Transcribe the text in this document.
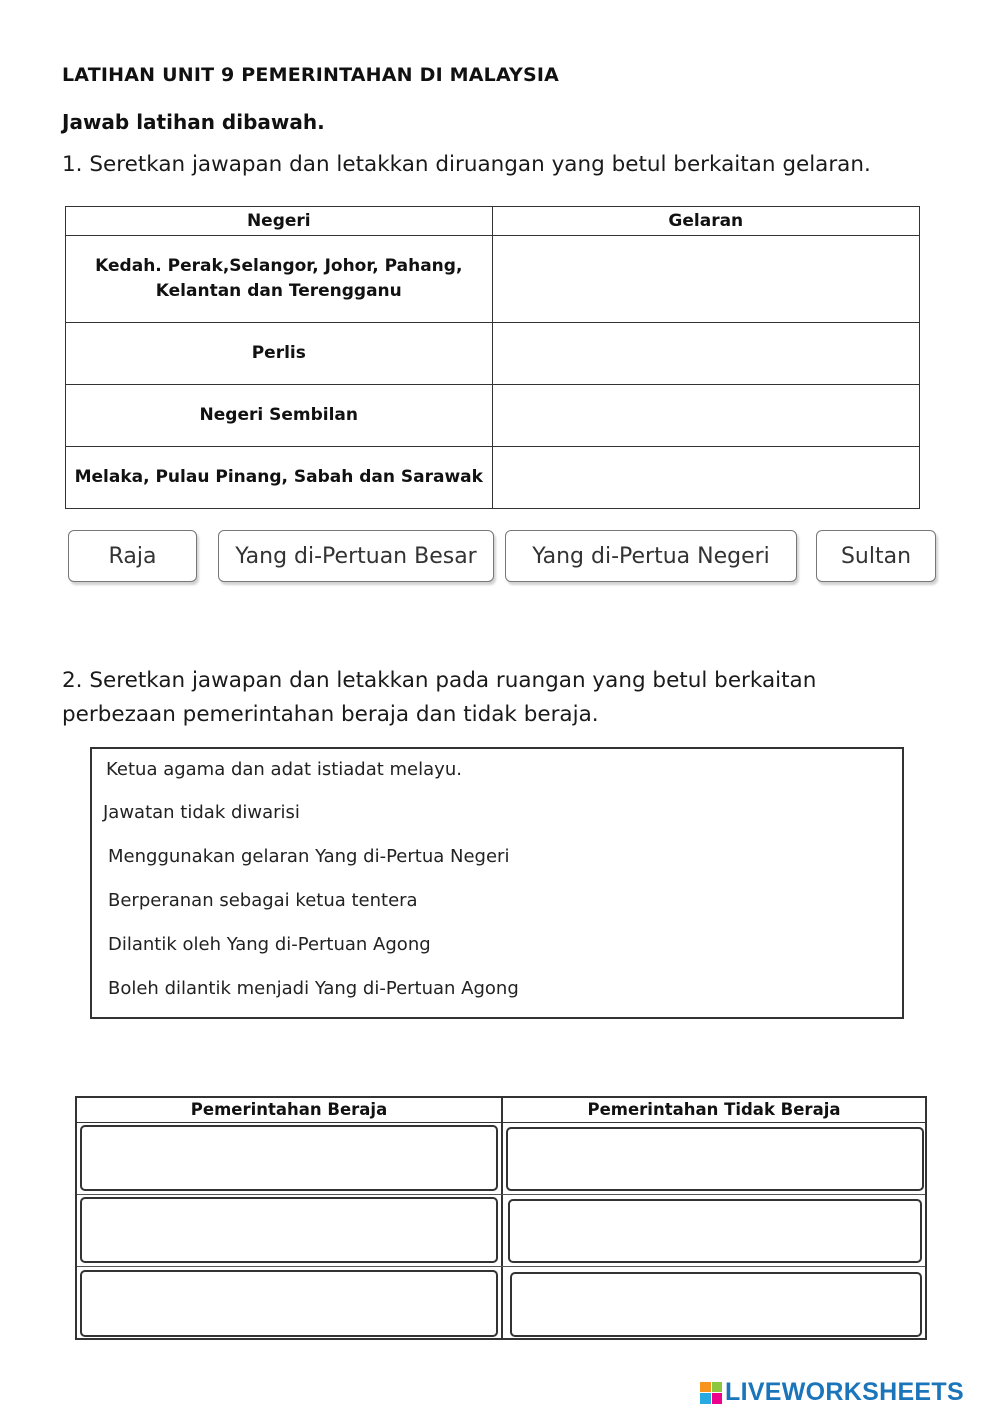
LATIHAN UNIT 9 PEMERINTAHAN DI MALAYSIA
Jawab latihan dibawah.
1. Seretkan jawapan dan letakkan diruangan yang betul berkaitan gelaran.
Negeri	Gelaran

Kedah. Perak,Selangor, Johor, Pahang,
Kelantan dan Terengganu	

Perlis	
Negeri Sembilan	
Melaka, Pulau Pinang, Sabah dan Sarawak	
Raja	Yang di-Pertuan Besar	Yang di-Pertua Negeri	Sultan
2. Seretkan jawapan dan letakkan pada ruangan yang betul berkaitan perbezaan pemerintahan beraja dan tidak beraja.
Ketua agama dan adat istiadat melayu.
Jawatan tidak diwarisi
Menggunakan gelaran Yang di-Pertua Negeri
Berperanan sebagai ketua tentera
Dilantik oleh Yang di-Pertuan Agong
Boleh dilantik menjadi Yang di-Pertuan Agong
Pemerintahan Beraja	Pemerintahan Tidak Beraja
LIVEWORKSHEETS
